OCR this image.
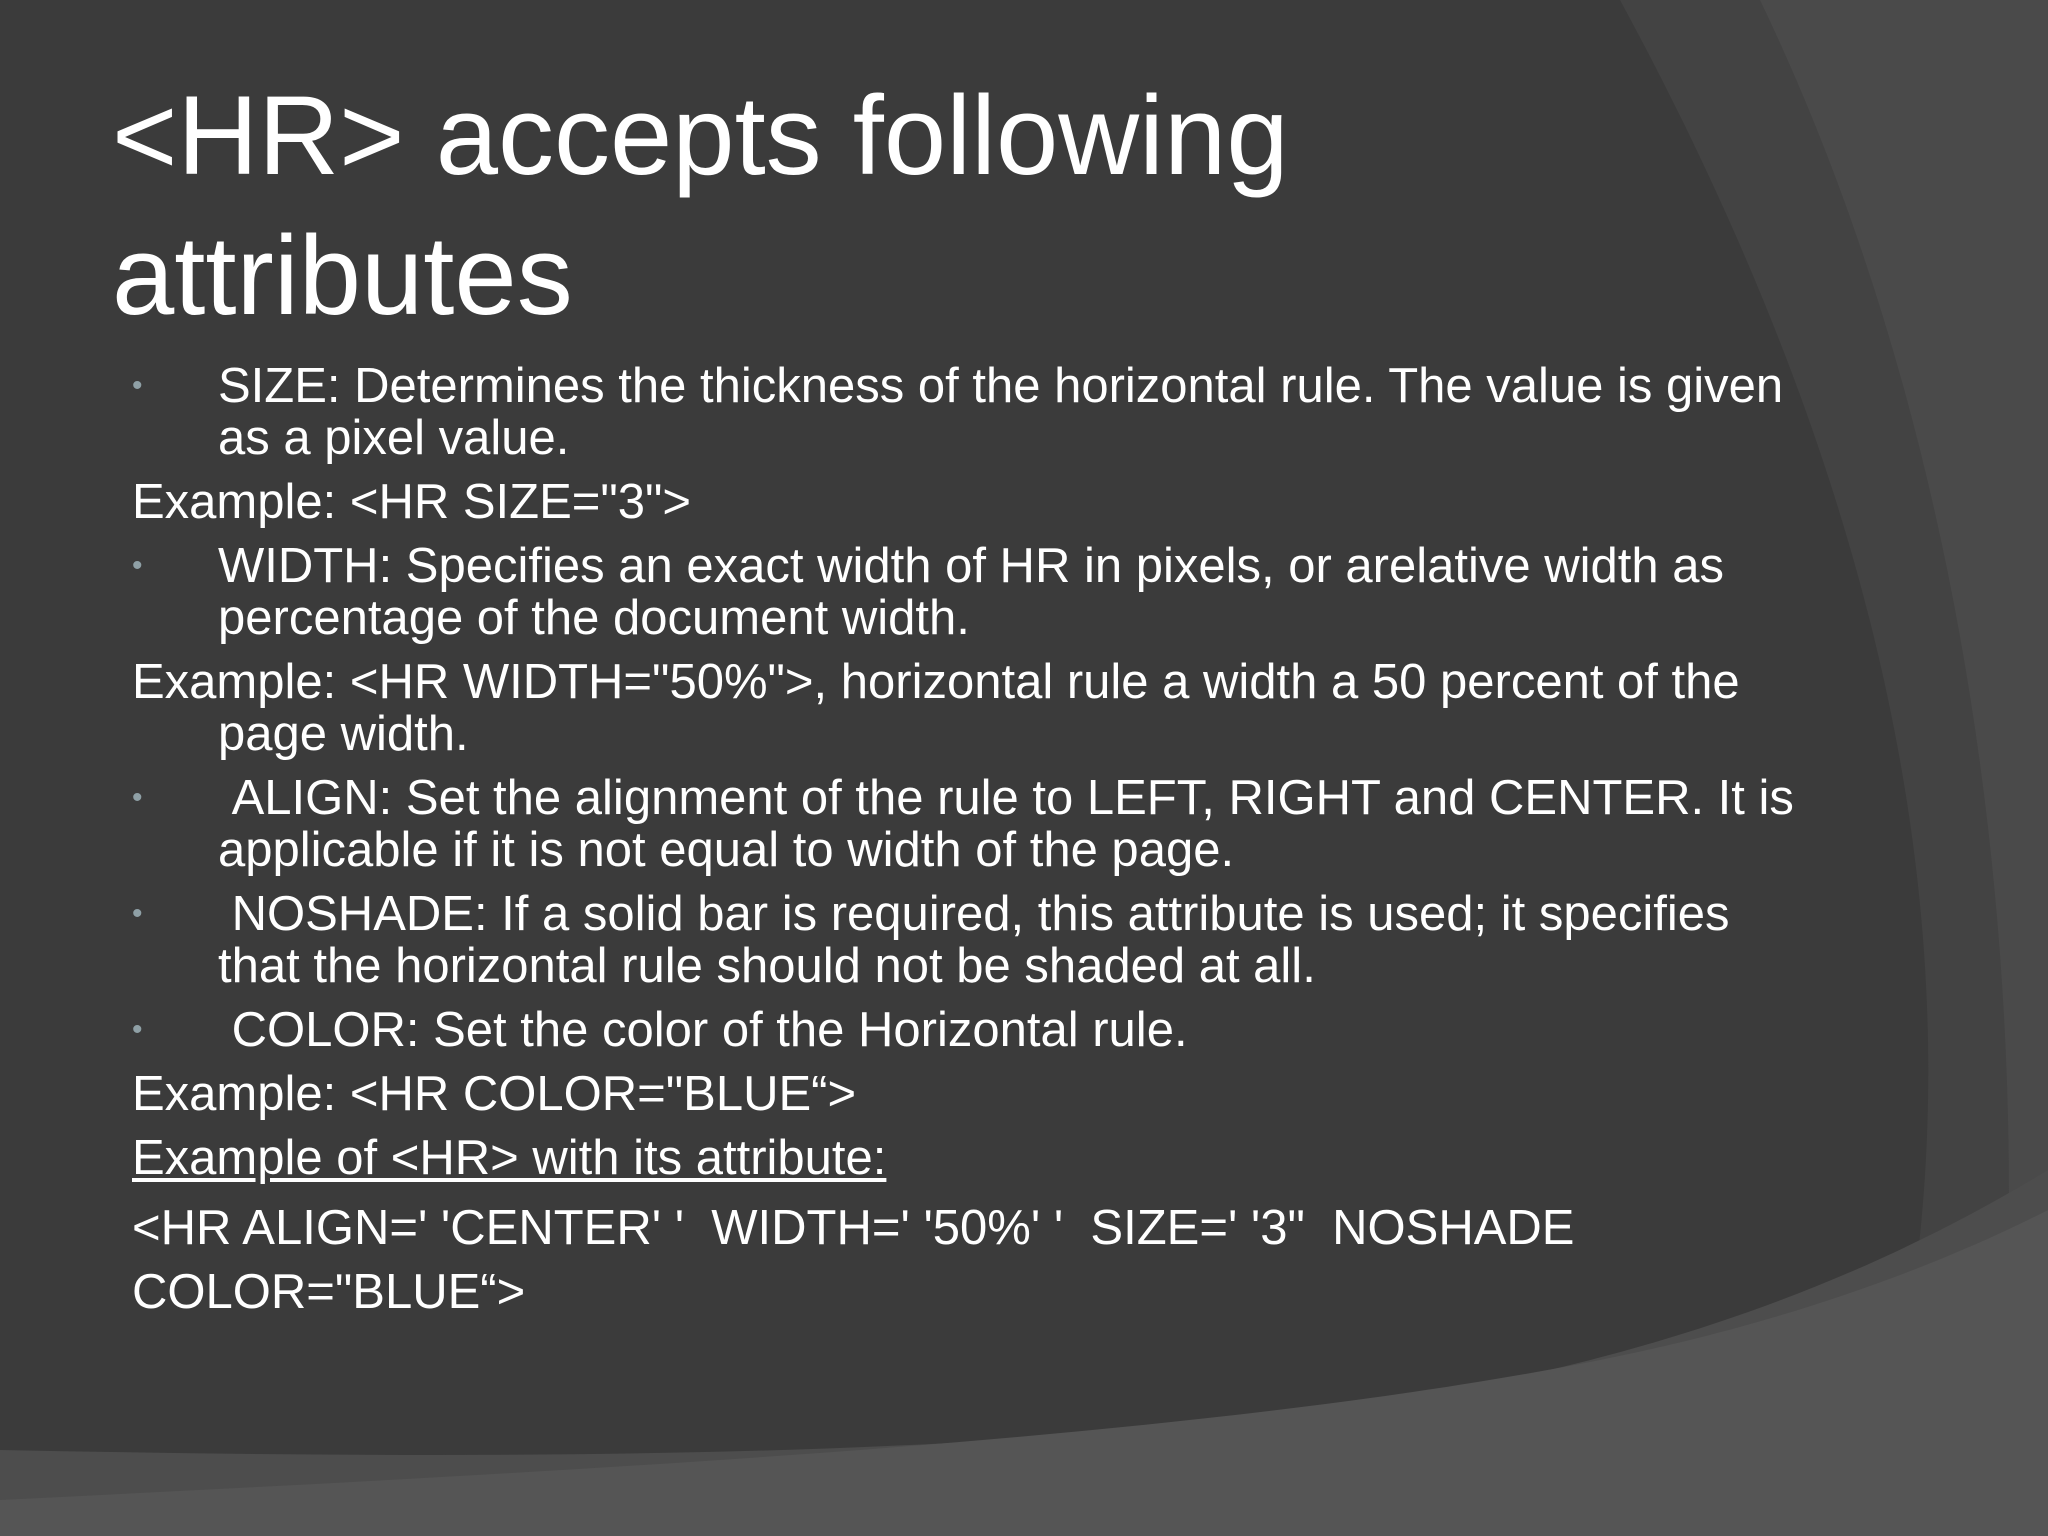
<HR> accepts following attributes
•	SIZE: Determines the thickness of the horizontal rule. The value is given as a pixel value.
Example: <HR SIZE="3">
•	WIDTH: Specifies an exact width of HR in pixels, or arelative width as percentage of the document width.
Example: <HR WIDTH="50%">, horizontal rule a width a 50 percent of the page width.
•	ALIGN: Set the alignment of the rule to LEFT, RIGHT and CENTER. It is applicable if it is not equal to width of the page.
•	NOSHADE: If a solid bar is required, this attribute is used; it specifies that the horizontal rule should not be shaded at all.
•	COLOR: Set the color of the Horizontal rule.
Example: <HR COLOR="BLUE“>
Example of <HR> with its attribute:
<HR ALIGN=' 'CENTER' '  WIDTH=' '50%' '  SIZE=' '3"  NOSHADE
COLOR="BLUE“>
